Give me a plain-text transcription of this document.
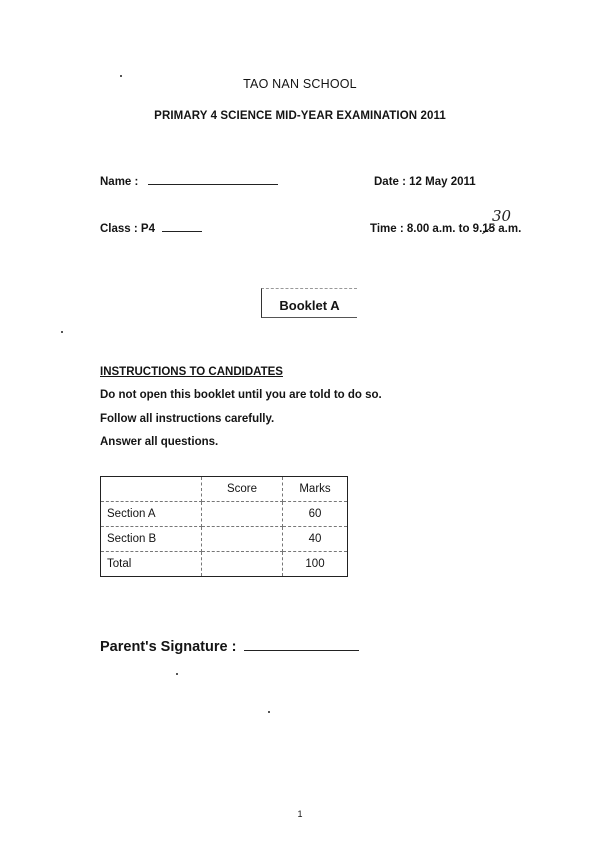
TAO NAN SCHOOL
PRIMARY 4 SCIENCE MID-YEAR EXAMINATION 2011
Name :	Date : 12 May 2011
Class : P4	Time : 8.00 a.m. to 9.15 a.m.
30
Booklet A
INSTRUCTIONS TO CANDIDATES
Do not open this booklet until you are told to do so.
Follow all instructions carefully.
Answer all questions.
	Score	Marks
Section A		60
Section B		40
Total		100
Parent's Signature :
1
